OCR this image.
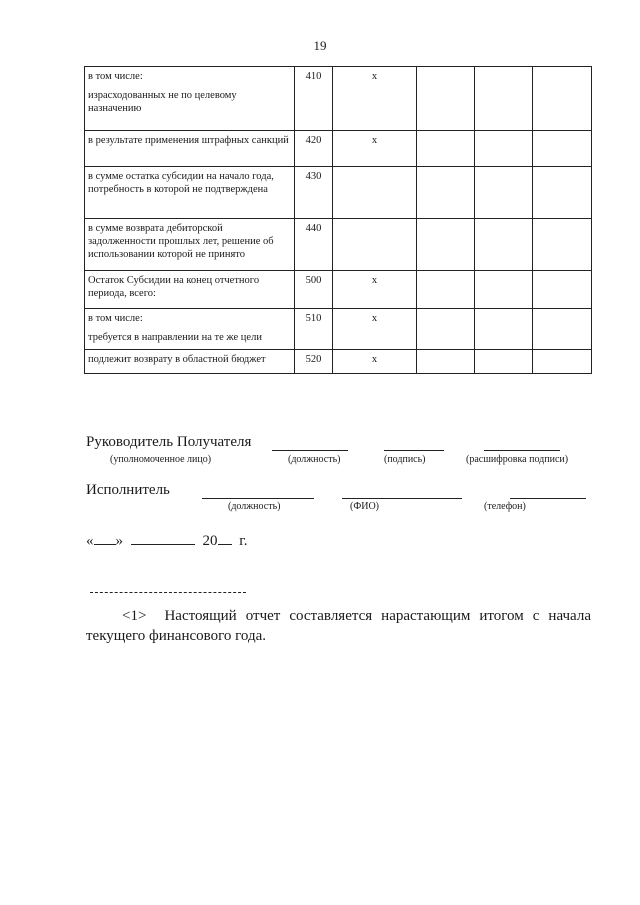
19
в том числе:	410	х			
израсходованных не по целевому назначению					
в результате применения штрафных санкций	420	х			
в сумме остатка субсидии на начало года, потребность в которой не подтверждена	430				
в сумме возврата дебиторской задолженности прошлых лет, решение об использовании которой не принято	440				
Остаток Субсидии на конец отчетного периода, всего:	500	х			
в том числе:	510	х			
требуется в направлении на те же цели					
подлежит возврату в областной бюджет	520	х			
Руководитель Получателя
(уполномоченное лицо)	(должность)	(подпись)	(расшифровка подписи)
Исполнитель
(должность)	(ФИО)	(телефон)
« »	20 г.
<1> Настоящий отчет составляется нарастающим итогом с начала текущего финансового года.
